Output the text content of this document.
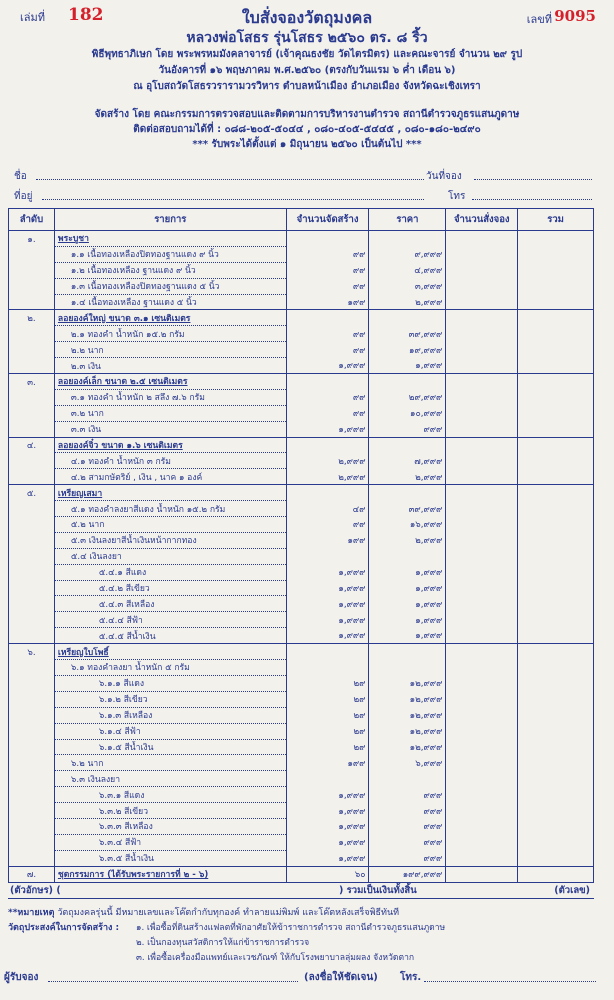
เล่มที่ 182	ใบสั่งจองวัตถุมงคล
หลวงพ่อโสธร รุ่นโสธร ๒๕๖๐ ตร. ๘ ริ้ว
เลขที่ 9095
พิธีพุทธาภิเษก โดย พระพรหมมังคลาจารย์ (เจ้าคุณธงชัย วัดไตรมิตร) และคณะจารย์ จำนวน ๒๙ รูป
วันอังคารที่ ๑๖ พฤษภาคม พ.ศ.๒๕๖๐ (ตรงกับวันแรม ๖ ค่ำ เดือน ๖)
ณ อุโบสถวัดโสธรวรารามวรวิหาร ตำบลหน้าเมือง อำเภอเมือง จังหวัดฉะเชิงเทรา
จัดสร้าง โดย คณะกรรมการตรวจสอบและติดตามการบริหารงานตำรวจ สถานีตำรวจภูธรแสนภูดาษ
ติดต่อสอบถามได้ที่ : ๐๘๘-๒๐๕-๕๐๔๔ , ๐๘๐-๔๐๕-๕๔๔๕ , ๐๘๐-๑๘๐-๒๔๙๐
*** รับพระได้ตั้งแต่ ๑ มิถุนายน ๒๕๖๐ เป็นต้นไป ***
ชื่อ	วันที่จอง
ที่อยู่	โทร
ลำดับ	รายการ	จำนวนจัดสร้าง	ราคา	จำนวนสั่งจอง	รวม
๑.	พระบูชา				
	๑.๑ เนื้อทองเหลืองปิดทองฐานแดง ๙ นิ้ว	๙๙	๙,๙๙๙		
	๑.๒ เนื้อทองเหลือง ฐานแดง ๙ นิ้ว	๙๙	๔,๙๙๙		
	๑.๓ เนื้อทองเหลืองปิดทองฐานแดง ๕ นิ้ว	๙๙	๓,๙๙๙		
	๑.๔ เนื้อทองเหลือง ฐานแดง ๕ นิ้ว	๑๙๙	๒,๙๙๙		
๒.	ลอยองค์ใหญ่ ขนาด ๓.๑ เซนติเมตร				
	๒.๑ ทองคำ น้ำหนัก ๑๕.๒ กรัม	๙๙	๓๙,๙๙๙		
	๒.๒ นาก	๙๙	๑๙,๙๙๙		
	๒.๓ เงิน	๑,๙๙๙	๑,๙๙๙		
๓.	ลอยองค์เล็ก ขนาด ๒.๕ เซนติเมตร				
	๓.๑ ทองคำ น้ำหนัก ๒ สลึง ๗.๖ กรัม	๙๙	๒๙,๙๙๙		
	๓.๒ นาก	๙๙	๑๐,๙๙๙		
	๓.๓ เงิน	๑,๙๙๙	๙๙๙		
๔.	ลอยองค์จิ๋ว ขนาด ๑.๖ เซนติเมตร				
	๔.๑ ทองคำ น้ำหนัก ๓ กรัม	๒,๙๙๙	๗,๙๙๙		
	๔.๒ สามกษัตริย์ , เงิน , นาค ๑ องค์	๒,๙๙๙	๒,๙๙๙		
๕.	เหรียญเสมา				
	๕.๑ ทองคำลงยาสีแดง น้ำหนัก ๑๕.๒ กรัม	๔๙	๓๙,๙๙๙		
	๕.๒ นาก	๙๙	๑๖,๙๙๙		
	๕.๓ เงินลงยาสีน้ำเงินหน้ากากทอง	๑๙๙	๒,๙๙๙		
	๕.๔ เงินลงยา				
	๕.๔.๑ สีแดง	๑,๙๙๙	๑,๙๙๙		
	๕.๔.๒ สีเขียว	๑,๙๙๙	๑,๙๙๙		
	๕.๔.๓ สีเหลือง	๑,๙๙๙	๑,๙๙๙		
	๕.๔.๔ สีฟ้า	๑,๙๙๙	๑,๙๙๙		
	๕.๔.๕ สีน้ำเงิน	๑,๙๙๙	๑,๙๙๙		
๖.	เหรียญใบโพธิ์				
	๖.๑ ทองคำลงยา น้ำหนัก ๕ กรัม				
	๖.๑.๑ สีแดง	๒๙	๑๒,๙๙๙		
	๖.๑.๒ สีเขียว	๒๙	๑๒,๙๙๙		
	๖.๑.๓ สีเหลือง	๒๙	๑๒,๙๙๙		
	๖.๑.๔ สีฟ้า	๒๙	๑๒,๙๙๙		
	๖.๑.๕ สีน้ำเงิน	๒๙	๑๒,๙๙๙		
	๖.๒ นาก	๑๙๙	๖,๙๙๙		
	๖.๓ เงินลงยา				
	๖.๓.๑ สีแดง	๑,๙๙๙	๙๙๙		
	๖.๓.๒ สีเขียว	๑,๙๙๙	๙๙๙		
	๖.๓.๓ สีเหลือง	๑,๙๙๙	๙๙๙		
	๖.๓.๔ สีฟ้า	๑,๙๙๙	๙๙๙		
	๖.๓.๕ สีน้ำเงิน	๑,๙๙๙	๙๙๙		
๗.	ชุดกรรมการ (ได้รับพระรายการที่ ๒ - ๖)	๖๐	๑๙๙,๙๙๙		
(ตัวอักษร) (	) รวมเป็นเงินทั้งสิ้น	(ตัวเลข)
**หมายเหตุ วัตถุมงคลรุ่นนี้ มีหมายเลขและโค๊ตกำกับทุกองค์ ทำลายแม่พิมพ์ และโค๊ตหลังเสร็จพิธีทันที
วัตถุประสงค์ในการจัดสร้าง : ๑. เพื่อซื้อที่ดินสร้างแฟลตที่พักอาศัยให้ข้าราชการตำรวจ สถานีตำรวจภูธรแสนภูดาษ
๒. เป็นกองทุนสวัสดิการให้แก่ข้าราชการตำรวจ
๓. เพื่อซื้อเครื่องมือแพทย์และเวชภัณฑ์ ให้กับโรงพยาบาลลุ่มผลง จังหวัดตาก
ผู้รับจอง	(ลงชื่อให้ชัดเจน) โทร.
